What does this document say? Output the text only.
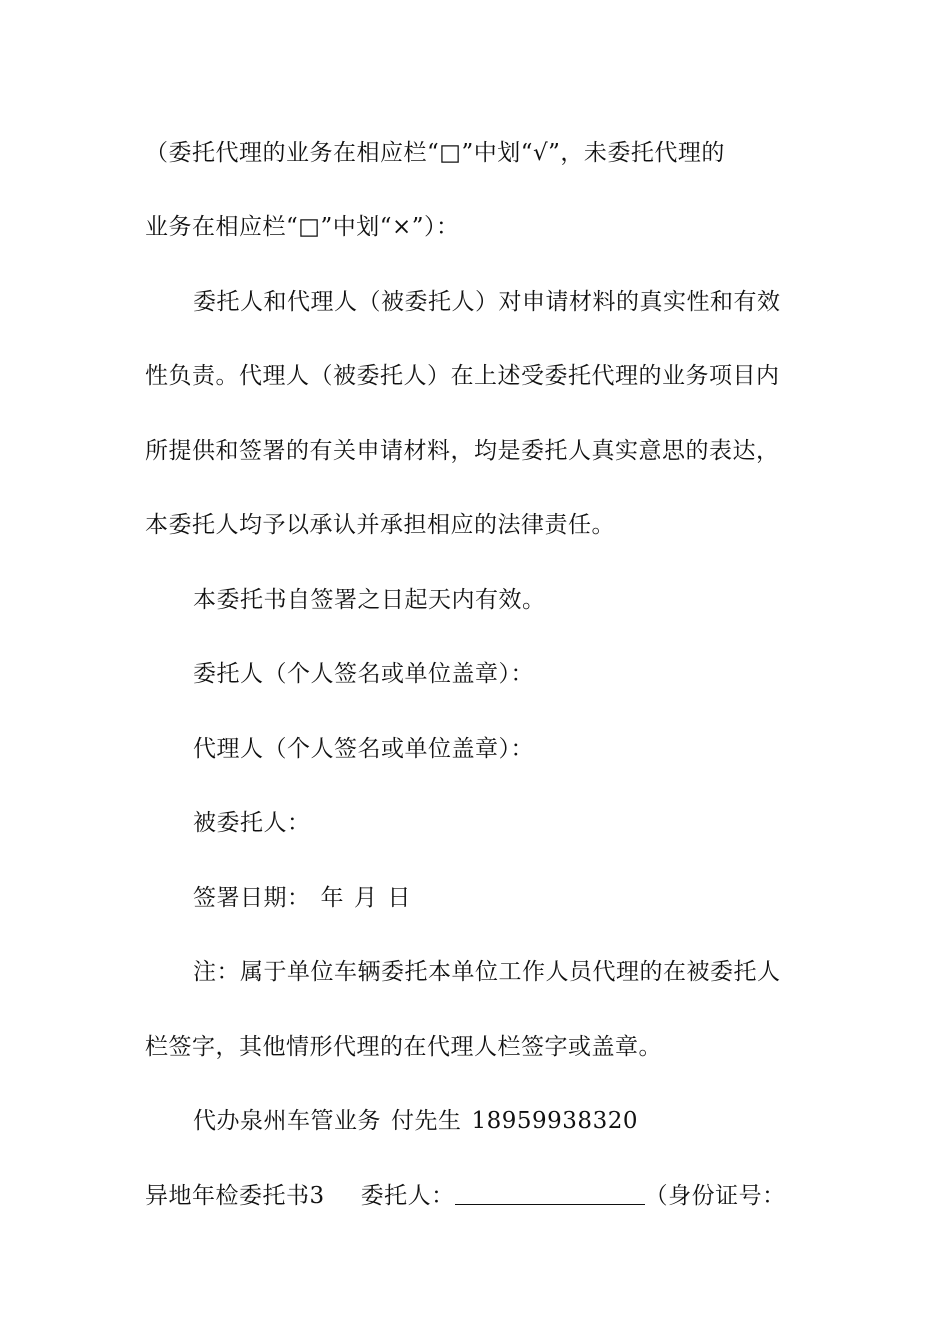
（委托代理的业务在相应栏“□”中划“√”，未委托代理的
业务在相应栏“□”中划“×”）：
委托人和代理人（被委托人）对申请材料的真实性和有效
性负责。代理人（被委托人）在上述受委托代理的业务项目内
所提供和签署的有关申请材料，均是委托人真实意思的表达，
本委托人均予以承认并承担相应的法律责任。
本委托书自签署之日起天内有效。
委托人（个人签名或单位盖章）：
代理人（个人签名或单位盖章）：
被委托人：
签署日期： 年 月 日
注：属于单位车辆委托本单位工作人员代理的在被委托人
栏签字，其他情形代理的在代理人栏签字或盖章。
代办泉州车管业务 付先生 18959938320
异地年检委托书3 委托人：	（身份证号：
